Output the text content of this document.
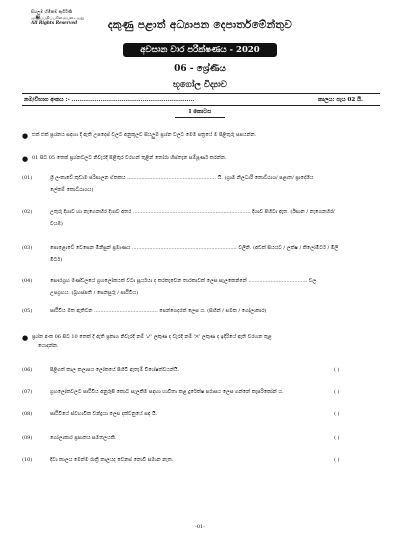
සියලුම හිමිකම් ඇවිරිණි
மு஦ப்பதிப்புரிமையுடையது
All Rights Reserved	දකුණු පළාත් අධ්‍යාපන දෙපාර්තමේන්තුව
අවසාන වාර පරීක්ෂණය - 2020
06 - ශ්‍රේණිය
භූගෝල විද්‍යාව
නම/විභාග අංකය :- ................................................................	කාලය: පැය 02 යි.
I කොටස
● එක් එක් ප්‍රශ්නය සඳහා දී ඇති උපදෙස් වලට අනුකූලව සියලුම ප්‍රශ්න වලට මෙම පත්‍රයේ ම පිළිතුරු සපයන්න.
● 01 සිට 05 තෙක් ප්‍රශ්නවලට නිවැරදි පිළිතුර වරහන් තුළින් තෝරා හිස්තැන සම්පූර්ණ කරන්න.
(01)	ශ්‍රී ලංකාවේ කුඩාම පරිපාලන ඒකකය ........................................................ යි. (ග්‍රාම නිලධාරී කොට්ඨාශ/ පළාත/ ප්‍රාදේශීය
ලේකම් කොට්ඨාශය)
(02)	උතුරු දිශාව හා නැගෙනහිර දිශාව අතර .......................................................................... දිශාව පිහිටා ඇත. (ඊසාන / නැගෙනහිර/
වයඹ)
(03)	පොළොවේ වෙසෙන මිනිසුන් ප්‍රමාණය .................................................................. වලිනි. (අඩක් සියයට / ලක්ෂ / කිලෝමීටර් / මිලි
මීටර්)
(04)	සෞරග්‍රහ මණ්ඩලයේ ග්‍රහලෝකයක් වටා සූර්යයා ද කරකැවෙන තාරකාවක් ලෙස සැලකෙන්නේ ..................................... වල
උපග්‍රහය. (බ්‍රහස්පති / සෙනසුරු / පෘථිවිය)
(05)	පෘථිවිය මත ඇතිවන ........................................ පෙන්ගෙදරක් ලෙස ය. (සිහින් / සමක / ගෝලාකාර)
● ප්‍රශ්න අංක 06 සිට 10 තෙක් දී ඇති ප්‍රකාශ නිවැරදි නම් '✓' ලකුණ ද වැරදි නම් '✕' ලකුණ ද ඉදිරියේ ඇති වරහන තුළ
යොදන්න.
(06)	පිළිගත් කාල කලාපය ලෝකයේ පිහිටි ඇතැම් විශේෂත්වයන්යි.	( )
(07)	ග්‍රහලෝකවලට පෘථිවිය අනුරූපී කොට සැලකීම සඳහා භාවිතා කළ දුරේක්ෂ පරාසය ලෙස ගන්නේ කැපරිකෝන් ය.	( )
(08)	පෘථිවියේ ස්වභාවික චන්ද්‍රයා ලෙස දක්වනුයේ සඳ යි.	( )
(09)	ගෝලාකාර ප්‍රපාතය සමතලයකි.	( )
(10)	දිවා කාලය මෙන්ම රාත්‍රී කාලයද වෙනස් නොවී සමාන නැත.	( )
-01-
